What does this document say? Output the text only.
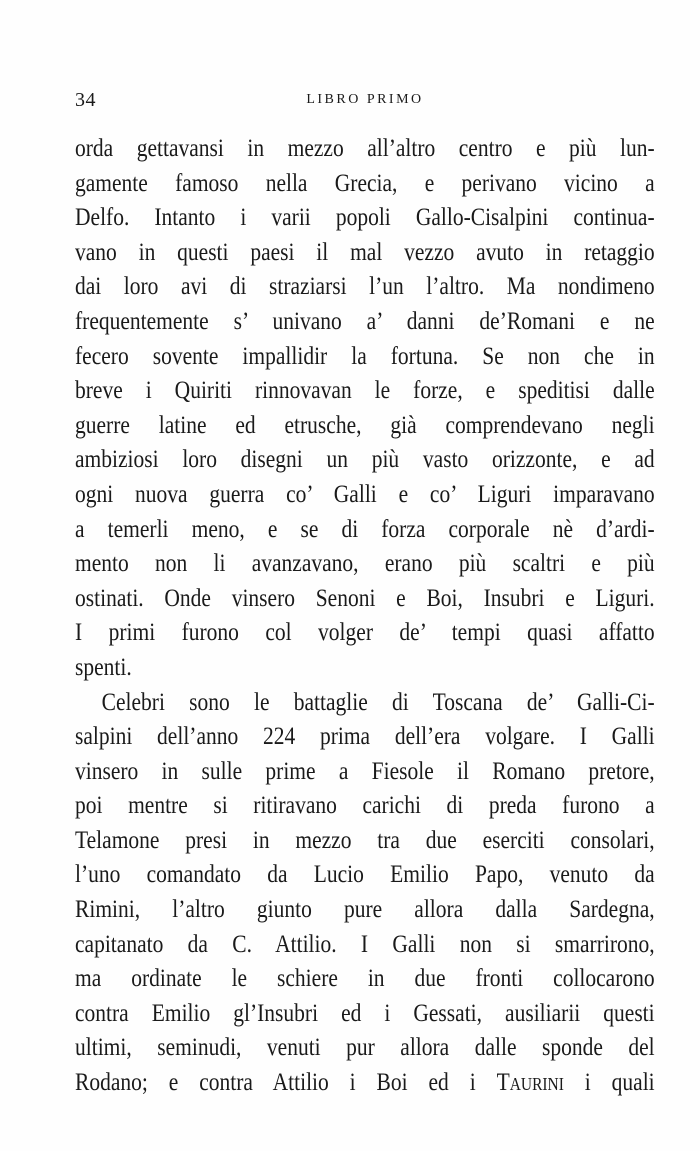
34	LIBRO PRIMO
orda gettavansi in mezzo all’altro centro e più lun-
gamente famoso nella Grecia, e perivano vicino a
Delfo. Intanto i varii popoli Gallo-Cisalpini continua-
vano in questi paesi il mal vezzo avuto in retaggio
dai loro avi di straziarsi l’un l’altro. Ma nondimeno
frequentemente s’ univano a’ danni de’Romani e ne
fecero sovente impallidir la fortuna. Se non che in
breve i Quiriti rinnovavan le forze, e speditisi dalle
guerre latine ed etrusche, già comprendevano negli
ambiziosi loro disegni un più vasto orizzonte, e ad
ogni nuova guerra co’ Galli e co’ Liguri imparavano
a temerli meno, e se di forza corporale nè d’ardi-
mento non li avanzavano, erano più scaltri e più
ostinati. Onde vinsero Senoni e Boi, Insubri e Liguri.
I primi furono col volger de’ tempi quasi affatto
spenti.
Celebri sono le battaglie di Toscana de’ Galli-Ci-
salpini dell’anno 224 prima dell’era volgare. I Galli
vinsero in sulle prime a Fiesole il Romano pretore,
poi mentre si ritiravano carichi di preda furono a
Telamone presi in mezzo tra due eserciti consolari,
l’uno comandato da Lucio Emilio Papo, venuto da
Rimini, l’altro giunto pure allora dalla Sardegna,
capitanato da C. Attilio. I Galli non si smarrirono,
ma ordinate le schiere in due fronti collocarono
contra Emilio gl’Insubri ed i Gessati, ausiliarii questi
ultimi, seminudi, venuti pur allora dalle sponde del
Rodano; e contra Attilio i Boi ed i Taurini i quali
